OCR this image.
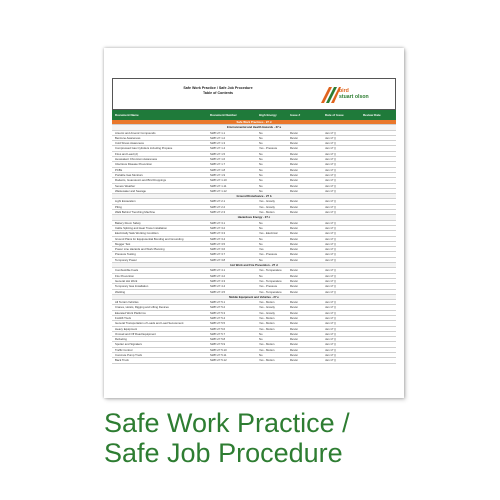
Safe Work Practice / Safe Job Procedure
Table of Contents	bird
stuart olson
Document Name	Document Number	High Energy	Issue #	Date of Issue	Review Date
Safe Work Practices - 27 d
Environmental and Health Hazards - 27 a
Arsenic and Arsenic Compounds	SWP-27.1.1	No	Revisi	Jan 17 ()
Benzene Awareness	SWP-27.1.2	No	Revisi	Jan 17 ()
Cold Stress Awareness	SWP-27.1.3	No	Revisi	Jan 17 ()
Compressed Gas Cylinders including Propane	SWP-27.1.4	Yes - Pressure	Revisi	Jan 17 ()
Fires and Lead (d)	SWP-27.1.5	No	Revisi	Jan 17 ()
Hexavalent Chromium Awareness	SWP-27.1.6	No	Revisi	Jan 17 ()
Infectious Disease Prevention	SWP-27.1.7	No	Revisi	Jan 17 ()
PCBs	SWP-27.1.8	No	Revisi	Jan 17 ()
Portable Gas Monitors	SWP-27.1.9	No	Revisi	Jan 17 ()
Rodents, Guanotoxin and Bird Droppings	SWP-27.1.10	No	Revisi	Jan 17 ()
Severe Weather	SWP-27.1.11	No	Revisi	Jan 17 ()
Wastewater and Sewage	SWP-27.1.12	No	Revisi	Jan 17 ()
Ground Disturbance - 27 b
Light Excavation	SWP-27.2.1	Yes - Gravity	Revisi	Jan 17 ()
Piling	SWP-27.2.2	Yes - Gravity	Revisi	Jan 17 ()
Walk Behind Trenching Machine	SWP-27.2.3	Yes - Motion	Revisi	Jan 17 ()
Hazardous Energy - 27 c
Battery Room Safety	SWP-27.3.1	No	Revisi	Jan 17 ()
Cable Splicing and Heat Trace Installation	SWP-27.3.2	No	Revisi	Jan 17 ()
Electrically Safe Working Condition	SWP-27.3.3	Yes - Electrical	Revisi	Jan 17 ()
Ground Plans for Equipotential Bonding and Grounding	SWP-27.3.4	No	Revisi	Jan 17 ()
Megger Test	SWP-27.3.5	No	Revisi	Jan 17 ()
Power Line Hazards and Work Planning	SWP-27.3.6	Yes	Revisi	Jan 17 ()
Pressure Testing	SWP-27.3.7	Yes - Pressure	Revisi	Jan 17 ()
Temporary Power	SWP-27.3.8	No	Revisi	Jan 17 ()
Hot Work and Fire Prevention - 27 d
Combustible Fuels	SWP-27.4.1	Yes - Temperature	Revisi	Jan 17 ()
Fire Prevention	SWP-27.4.2	No	Revisi	Jan 17 ()
General Hot Work	SWP-27.4.3	Yes - Temperature	Revisi	Jan 17 ()
Temporary Gas Installation	SWP-27.4.4	Yes - Pressure	Revisi	Jan 17 ()
Welding	SWP-27.4.5	Yes - Temperature	Revisi	Jan 17 ()
Mobile Equipment and Vehicles - 27 e
All Terrain Vehicles	SWP-27.5.1	Yes - Motion	Revisi	Jan 17 ()
Cranes, Hoists, Rigging and Lifting Devices	SWP-27.5.2	Yes - Gravity	Revisi	Jan 17 ()
Elevated Work Platforms	SWP-27.5.3	Yes - Gravity	Revisi	Jan 17 ()
Forklift Truck	SWP-27.5.4	Yes - Motion	Revisi	Jan 17 ()
General Transportation of Loads and Load Securement	SWP-27.5.5	Yes - Motion	Revisi	Jan 17 ()
Heavy Equipment	SWP-27.5.6	Yes - Motion	Revisi	Jan 17 ()
Onroad and Off Road Equipment	SWP-27.5.7	No	Revisi	Jan 17 ()
Refueling	SWP-27.5.8	No	Revisi	Jan 17 ()
Spotter and Signalers	SWP-27.5.9	Yes - Motion	Revisi	Jan 17 ()
Traffic Control	SWP-27.5.10	Yes - Motion	Revisi	Jan 17 ()
Concrete Pump Truck	SWP-27.5.11	No	Revisi	Jan 17 ()
Back Truck	SWP-27.5.12	Yes - Motion	Revisi	Jan 17 ()
Safe Work Practice /
Safe Job Procedure
